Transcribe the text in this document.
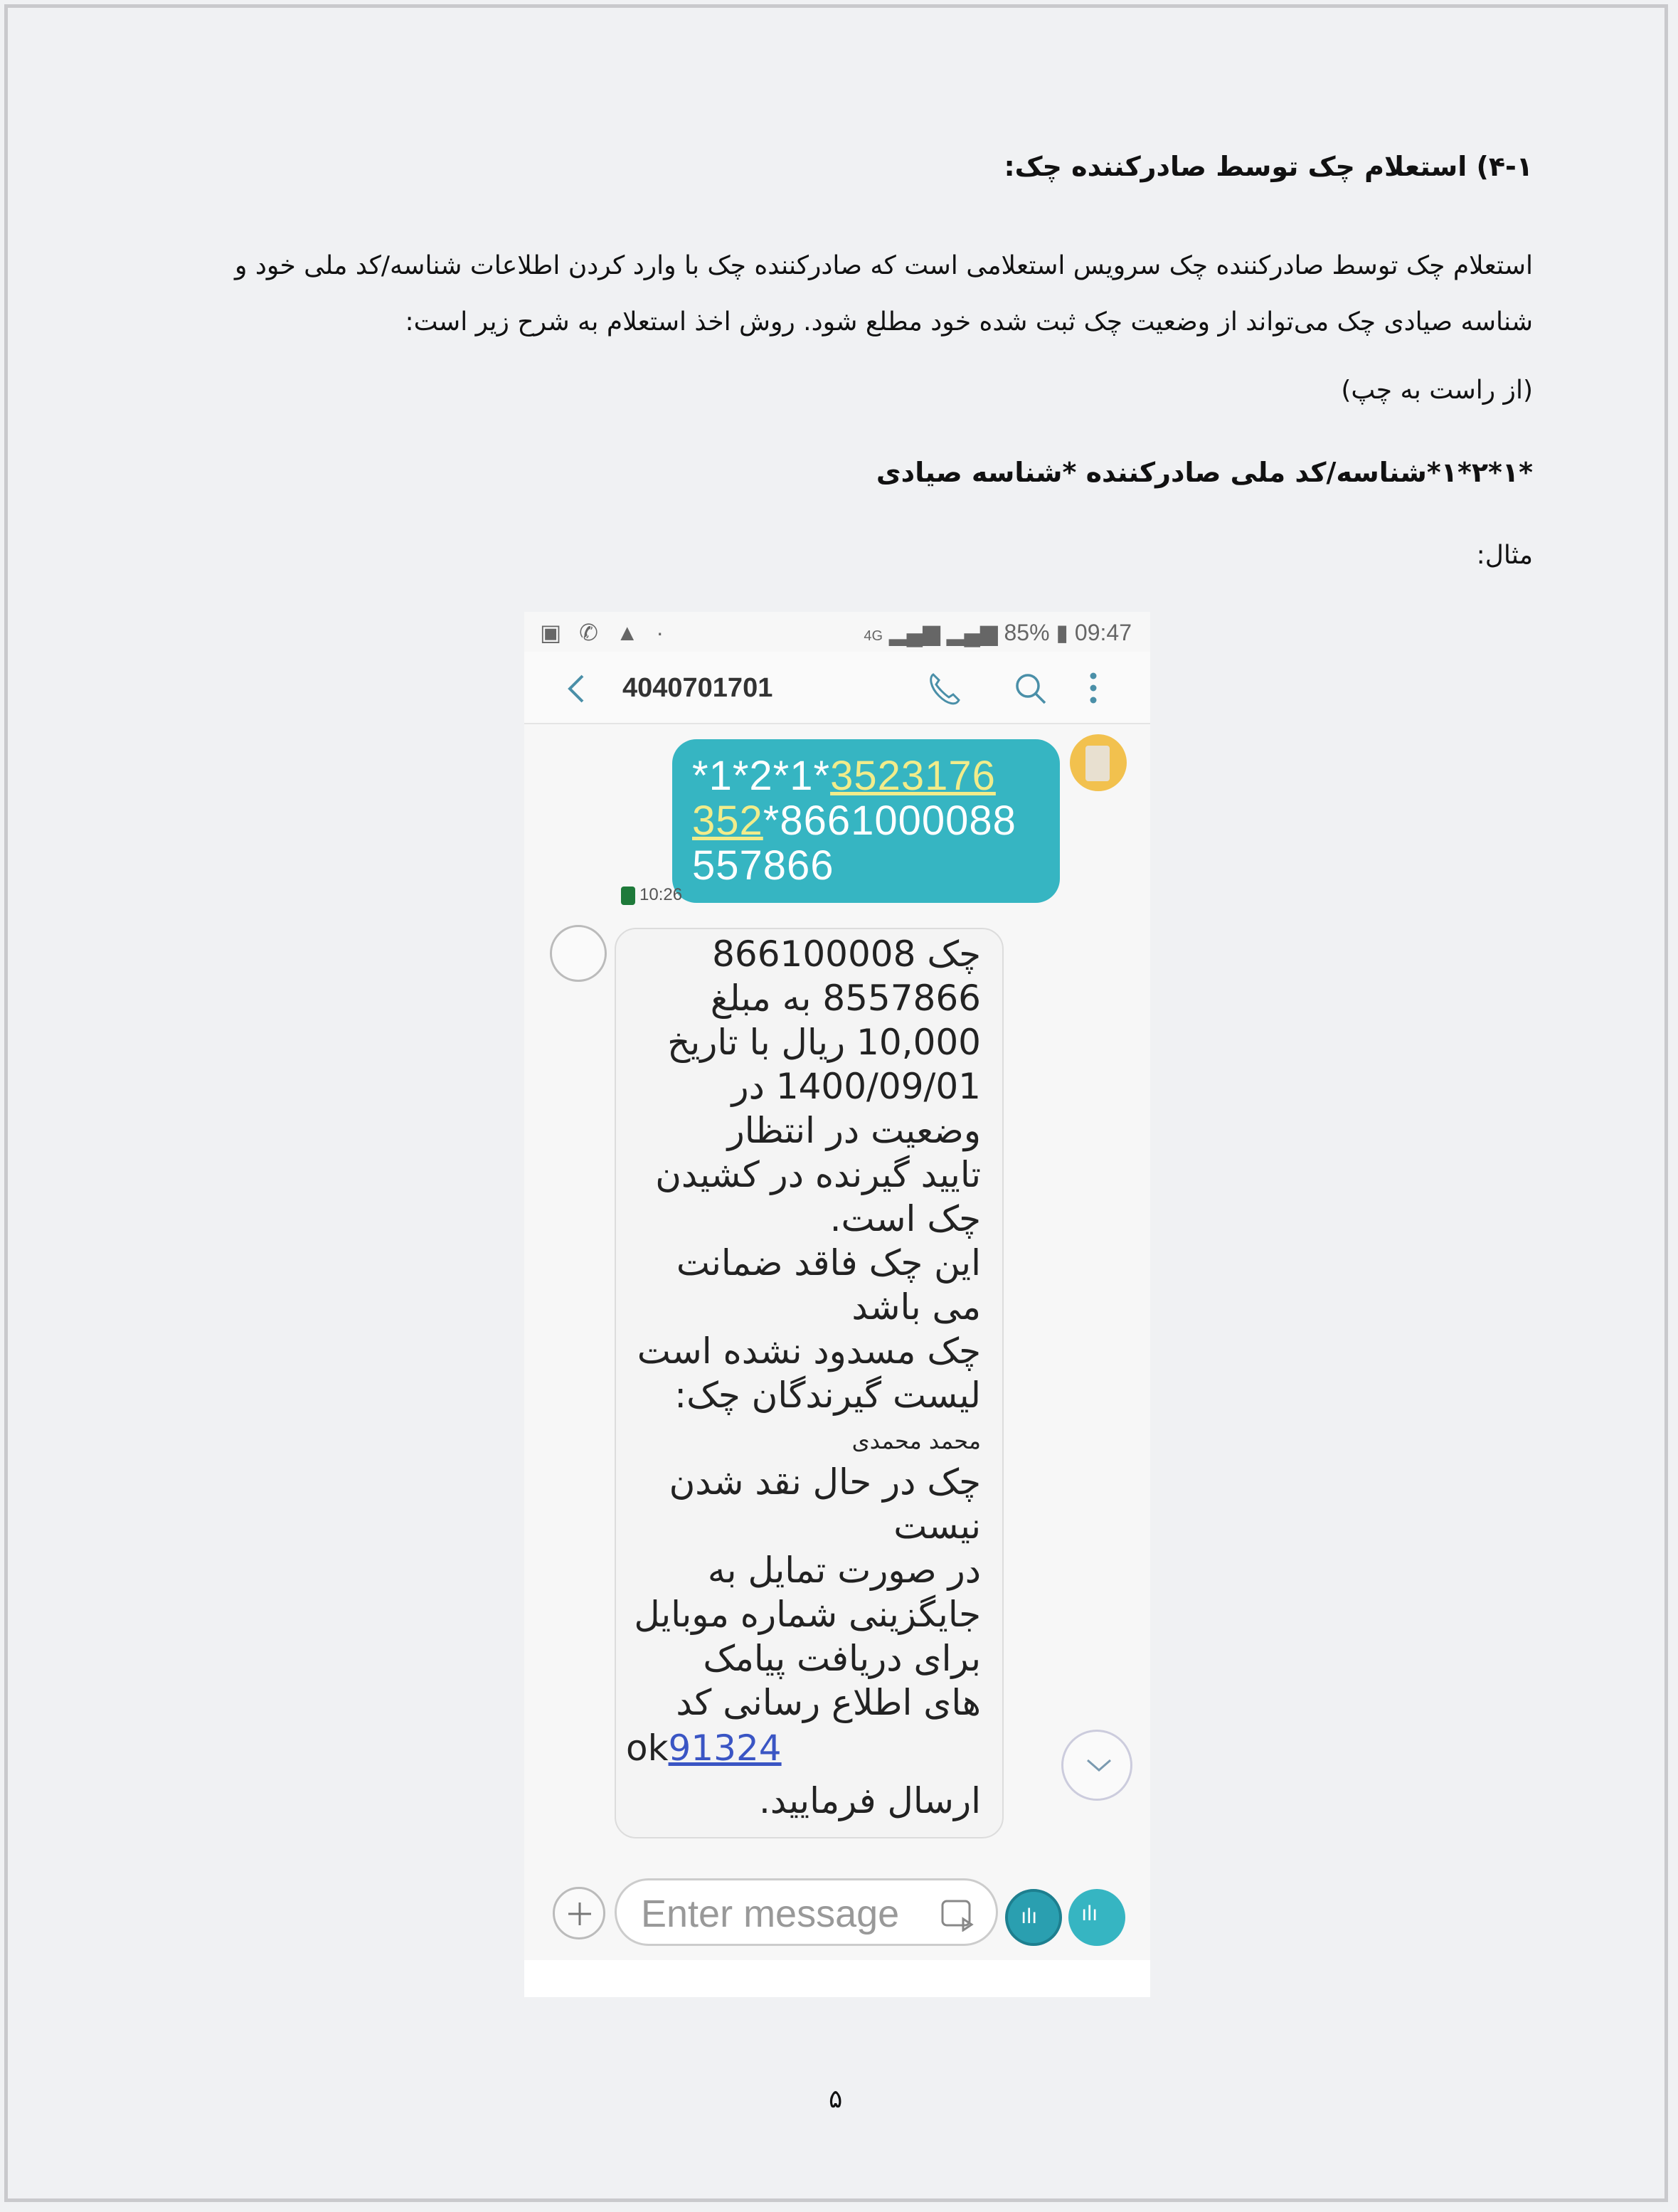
۴-۱) استعلام چک توسط صادرکننده چک:
استعلام چک توسط صادرکننده چک سرویس استعلامی است که صادرکننده چک با وارد کردن اطلاعات شناسه/کد ملی خود و شناسه صیادی چک می‌تواند از وضعیت چک ثبت شده خود مطلع شود. روش اخذ استعلام به شرح زیر است:
(از راست به چپ)
*۱*۲*۱*شناسه/کد ملی صادرکننده *شناسه صیادی
مثال:
▣ ✆ ▲ ·	4G ▂▄▆ ▂▄▆ 85% ▮ 09:47
4040701701
*1*2*1*3523176
352*8661000088
557866
10:26
چک 866100008
8557866 به مبلغ
10,000 ریال با تاریخ
1400/09/01 در
وضعیت در انتظار
تایید گیرنده در کشیدن
چک است.
این چک فاقد ضمانت
می باشد
چک مسدود نشده است
لیست گیرندگان چک:
محمد محمدی
چک در حال نقد شدن
نیست
در صورت تمایل به
جایگزینی شماره موبایل
برای دریافت پیامک
های اطلاع رسانی کد
ok91324
ارسال فرمایید.
Enter message	ılı ılı
۵
